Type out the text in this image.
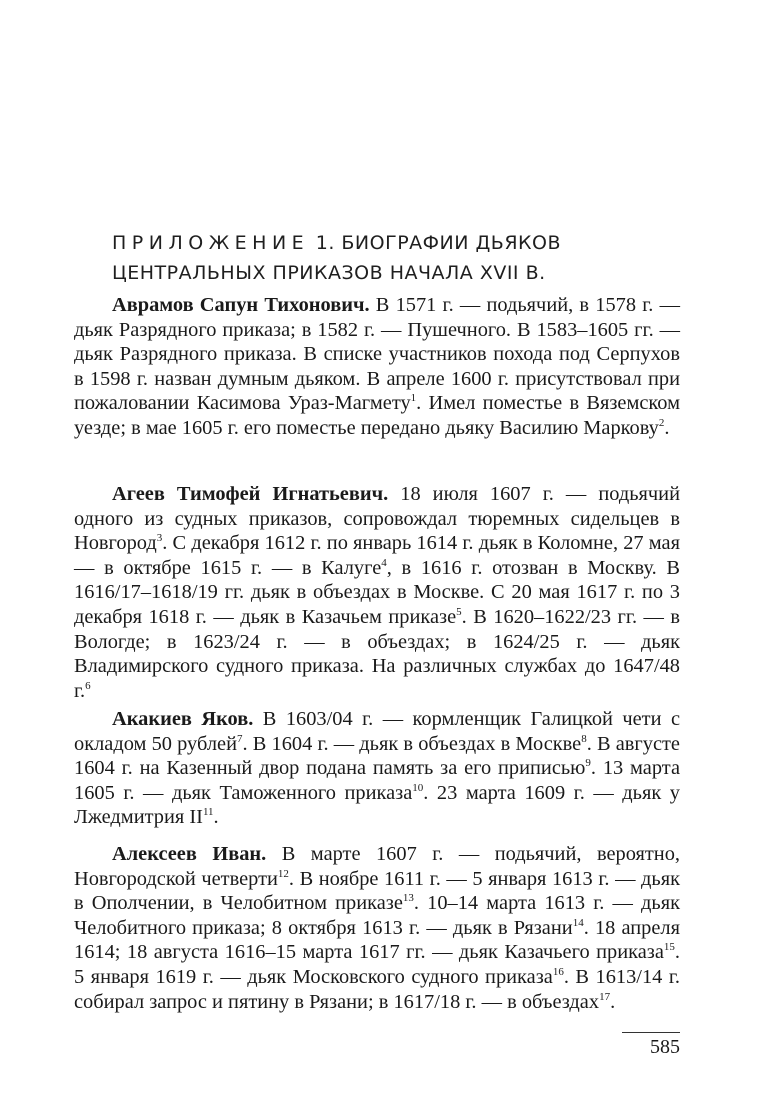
ПРИЛОЖЕНИЕ 1. БИОГРАФИИ ДЬЯКОВ
ЦЕНТРАЛЬНЫХ ПРИКАЗОВ НАЧАЛА XVII В.

Аврамов Сапун Тихонович. В 1571 г. — подьячий, в 1578 г. — дьяк Разрядного приказа; в 1582 г. — Пушечного. В 1583–1605 гг. — дьяк Разрядного приказа. В списке участников похода под Серпухов в 1598 г. назван думным дьяком. В апреле 1600 г. присутствовал при пожаловании Касимова Ураз-Магмету$^1$. Имел поместье в Вяземском уезде; в мае 1605 г. его поместье передано дьяку Василию Маркову$^2$.

Агеев Тимофей Игнатьевич. 18 июля 1607 г. — подьячий одного из судных приказов, сопровождал тюремных сидельцев в Новгород$^3$. С декабря 1612 г. по январь 1614 г. дьяк в Коломне, 27 мая — в октябре 1615 г. — в Калуге$^4$, в 1616 г. отозван в Москву. В 1616/17–1618/19 гг. дьяк в объездах в Москве. С 20 мая 1617 г. по 3 декабря 1618 г. — дьяк в Казачьем приказе$^5$. В 1620–1622/23 гг. — в Вологде; в 1623/24 г. — в объездах; в 1624/25 г. — дьяк Владимирского судного приказа. На различных службах до 1647/48 г.$^6$

Акакиев Яков. В 1603/04 г. — кормленщик Галицкой чети с окладом 50 рублей$^7$. В 1604 г. — дьяк в объездах в Москве$^8$. В августе 1604 г. на Казенный двор подана память за его приписью$^9$. 13 марта 1605 г. — дьяк Таможенного приказа$^{10}$. 23 марта 1609 г. — дьяк у Лжедмитрия II$^{11}$.

Алексеев Иван. В марте 1607 г. — подьячий, вероятно, Новгородской четверти$^{12}$. В ноябре 1611 г. — 5 января 1613 г. — дьяк в Ополчении, в Челобитном приказе$^{13}$. 10–14 марта 1613 г. — дьяк Челобитного приказа; 8 октября 1613 г. — дьяк в Рязани$^{14}$. 18 апреля 1614; 18 августа 1616–15 марта 1617 гг. — дьяк Казачьего приказа$^{15}$. 5 января 1619 г. — дьяк Московского судного приказа$^{16}$. В 1613/14 г. собирал запрос и пятину в Рязани; в 1617/18 г. — в объездах$^{17}$.

585
